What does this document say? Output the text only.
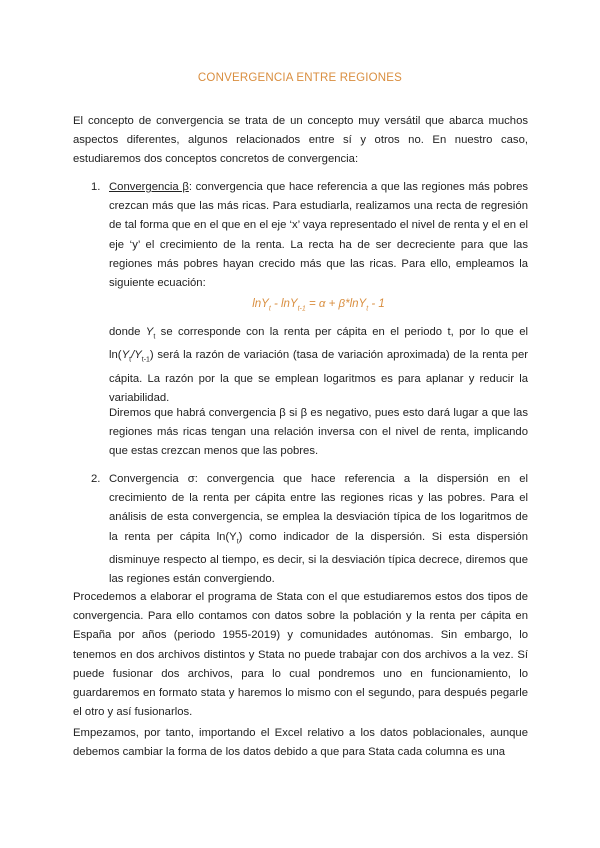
CONVERGENCIA ENTRE REGIONES
El concepto de convergencia se trata de un concepto muy versátil que abarca muchos aspectos diferentes, algunos relacionados entre sí y otros no. En nuestro caso, estudiaremos dos conceptos concretos de convergencia:
1. Convergencia β: convergencia que hace referencia a que las regiones más pobres crezcan más que las más ricas. Para estudiarla, realizamos una recta de regresión de tal forma que en el que en el eje ‘x’ vaya representado el nivel de renta y el en el eje ‘y’ el crecimiento de la renta. La recta ha de ser decreciente para que las regiones más pobres hayan crecido más que las ricas. Para ello, empleamos la siguiente ecuación:
lnY$_t$ - lnY$_{t-1}$ = α + β*lnY$_t$ - 1
donde $Y_t$ se corresponde con la renta per cápita en el periodo t, por lo que el $\ln(Y_t/Y_{t-1})$ será la razón de variación (tasa de variación aproximada) de la renta per cápita. La razón por la que se emplean logaritmos es para aplanar y reducir la variabilidad.
Diremos que habrá convergencia β si β es negativo, pues esto dará lugar a que las regiones más ricas tengan una relación inversa con el nivel de renta, implicando que estas crezcan menos que las pobres.
2. Convergencia σ: convergencia que hace referencia a la dispersión en el crecimiento de la renta per cápita entre las regiones ricas y las pobres. Para el análisis de esta convergencia, se emplea la desviación típica de los logaritmos de la renta per cápita $\ln(Y_t)$ como indicador de la dispersión. Si esta dispersión disminuye respecto al tiempo, es decir, si la desviación típica decrece, diremos que las regiones están convergiendo.
Procedemos a elaborar el programa de Stata con el que estudiaremos estos dos tipos de convergencia. Para ello contamos con datos sobre la población y la renta per cápita en España por años (periodo 1955-2019) y comunidades autónomas. Sin embargo, lo tenemos en dos archivos distintos y Stata no puede trabajar con dos archivos a la vez. Sí puede fusionar dos archivos, para lo cual pondremos uno en funcionamiento, lo guardaremos en formato stata y haremos lo mismo con el segundo, para después pegarle el otro y así fusionarlos.
Empezamos, por tanto, importando el Excel relativo a los datos poblacionales, aunque debemos cambiar la forma de los datos debido a que para Stata cada columna es una
